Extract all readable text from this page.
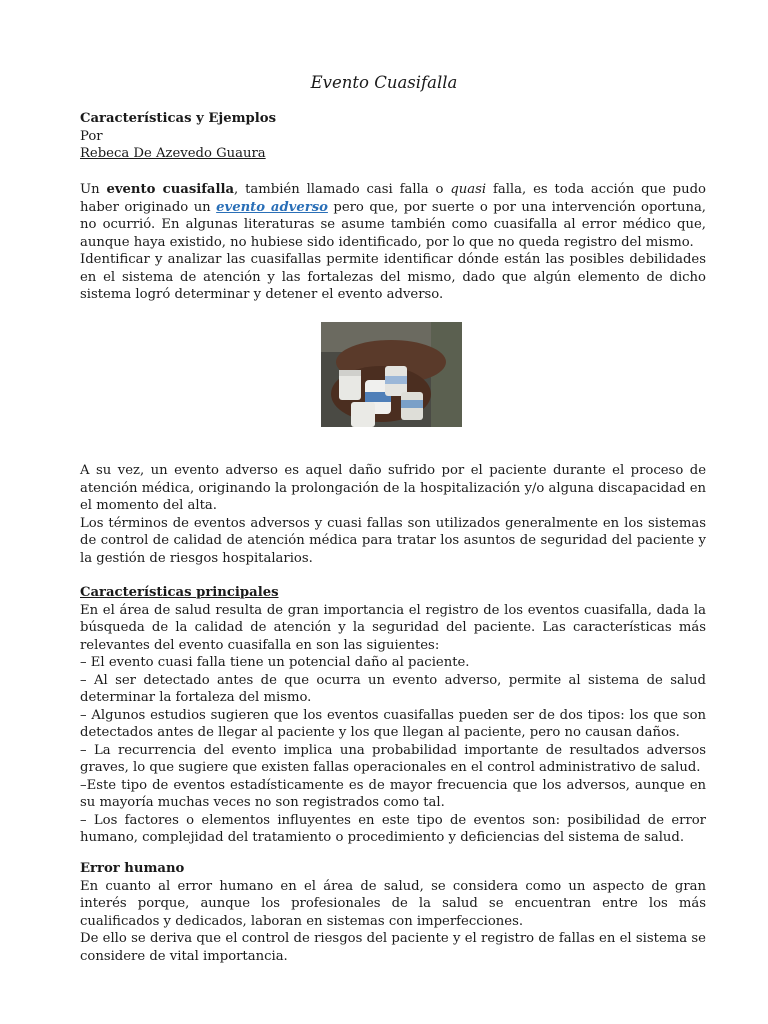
Evento Cuasifalla

Características y Ejemplos

Por

Rebeca De Azevedo Guaura

Un evento cuasifalla, también llamado casi falla o quasi falla, es toda acción que pudo haber originado un evento adverso pero que, por suerte o por una intervención oportuna, no ocurrió. En algunas literaturas se asume también como cuasifalla al error médico que, aunque haya existido, no hubiese sido identificado, por lo que no queda registro del mismo.

Identificar y analizar las cuasifallas permite identificar dónde están las posibles debilidades en el sistema de atención y las fortalezas del mismo, dado que algún elemento de dicho sistema logró determinar y detener el evento adverso.

A su vez, un evento adverso es aquel daño sufrido por el paciente durante el proceso de atención médica, originando la prolongación de la hospitalización y/o alguna discapacidad en el momento del alta.

Los términos de eventos adversos y cuasi fallas son utilizados generalmente en los sistemas de control de calidad de atención médica para tratar los asuntos de seguridad del paciente y la gestión de riesgos hospitalarios.

Características principales

En el área de salud resulta de gran importancia el registro de los eventos cuasifalla, dada la búsqueda de la calidad de atención y la seguridad del paciente. Las características más relevantes del evento cuasifalla en son las siguientes:

– El evento cuasi falla tiene un potencial daño al paciente.

– Al ser detectado antes de que ocurra un evento adverso, permite al sistema de salud determinar la fortaleza del mismo.

– Algunos estudios sugieren que los eventos cuasifallas pueden ser de dos tipos: los que son detectados antes de llegar al paciente y los que llegan al paciente, pero no causan daños.

– La recurrencia del evento implica una probabilidad importante de resultados adversos graves, lo que sugiere que existen fallas operacionales en el control administrativo de salud.

–Este tipo de eventos estadísticamente es de mayor frecuencia que los adversos, aunque en su mayoría muchas veces no son registrados como tal.

– Los factores o elementos influyentes en este tipo de eventos son: posibilidad de error humano, complejidad del tratamiento o procedimiento y deficiencias del sistema de salud.

Error humano

En cuanto al error humano en el área de salud, se considera como un aspecto de gran interés porque, aunque los profesionales de la salud se encuentran entre los más cualificados y dedicados, laboran en sistemas con imperfecciones.

De ello se deriva que el control de riesgos del paciente y el registro de fallas en el sistema se considere de vital importancia.
